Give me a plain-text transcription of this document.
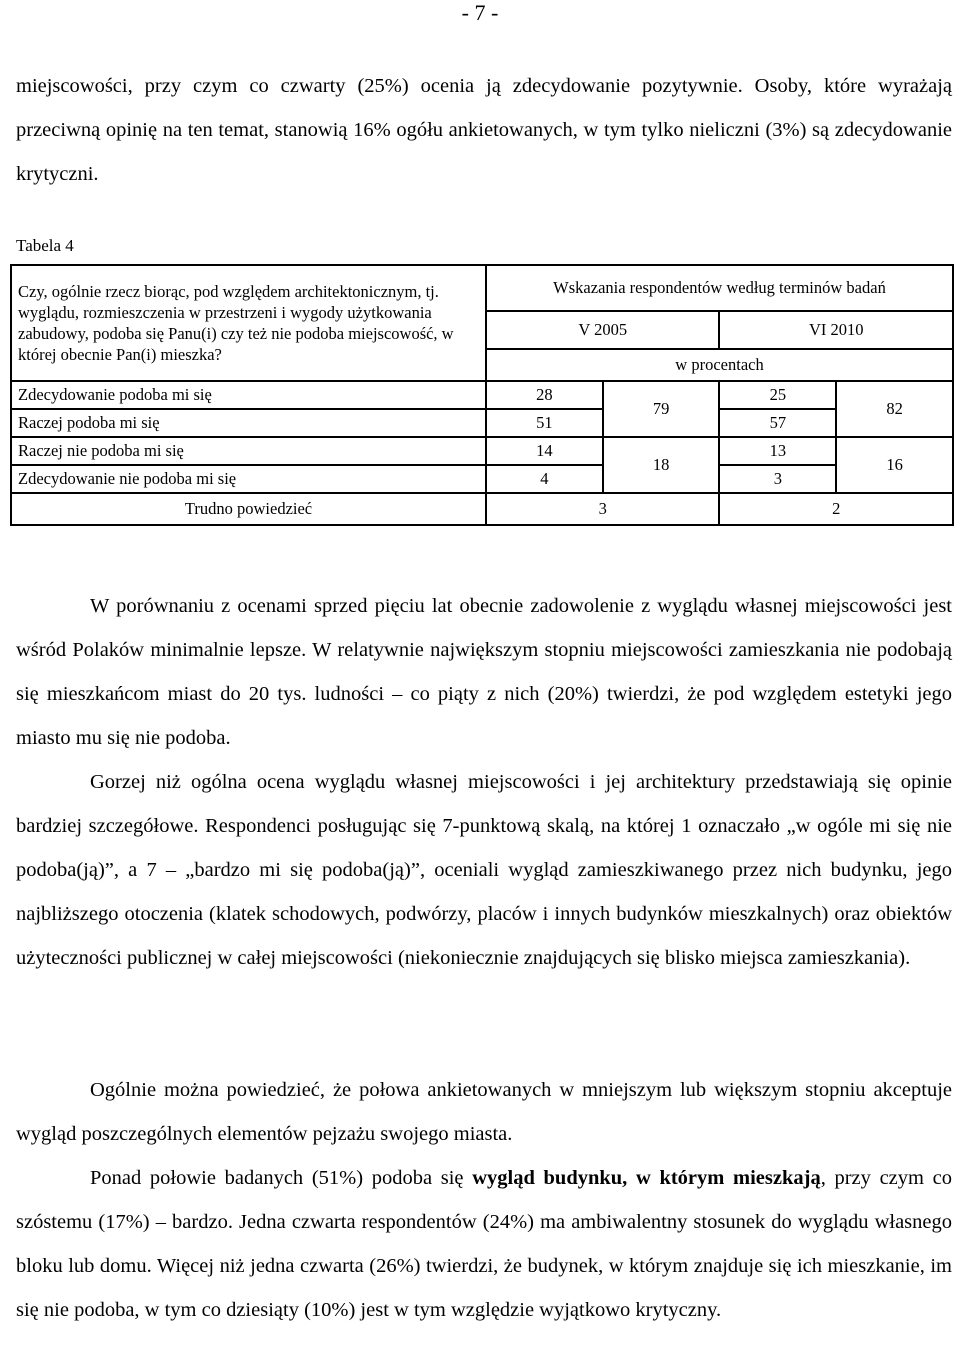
- 7 -

miejscowości, przy czym co czwarty (25%) ocenia ją zdecydowanie pozytywnie. Osoby, które wyrażają przeciwną opinię na ten temat, stanowią 16% ogółu ankietowanych, w tym tylko nieliczni (3%) są zdecydowanie krytyczni.

Tabela 4
Czy, ogólnie rzecz biorąc, pod względem architektonicznym, tj. wyglądu, rozmieszczenia w przestrzeni i wygody użytkowania zabudowy, podoba się Panu(i) czy też nie podoba miejscowość, w której obecnie Pan(i) mieszka?	Wskazania respondentów według terminów badań			
	V 2005		VI 2010	
	w procentach			
Zdecydowanie podoba mi się	28	79	25	82
Raczej podoba mi się	51		57	
Raczej nie podoba mi się	14	18	13	16
Zdecydowanie nie podoba mi się	4		3	
Trudno powiedzieć	3		2	

W porównaniu z ocenami sprzed pięciu lat obecnie zadowolenie z wyglądu własnej miejscowości jest wśród Polaków minimalnie lepsze. W relatywnie największym stopniu miejscowości zamieszkania nie podobają się mieszkańcom miast do 20 tys. ludności – co piąty z nich (20%) twierdzi, że pod względem estetyki jego miasto mu się nie podoba.

Gorzej niż ogólna ocena wyglądu własnej miejscowości i jej architektury przedstawiają się opinie bardziej szczegółowe. Respondenci posługując się 7-punktową skalą, na której 1 oznaczało „w ogóle mi się nie podoba(ją)”, a 7 – „bardzo mi się podoba(ją)”, oceniali wygląd zamieszkiwanego przez nich budynku, jego najbliższego otoczenia (klatek schodowych, podwórzy, placów i innych budynków mieszkalnych) oraz obiektów użyteczności publicznej w całej miejscowości (niekoniecznie znajdujących się blisko miejsca zamieszkania).

Ogólnie można powiedzieć, że połowa ankietowanych w mniejszym lub większym stopniu akceptuje wygląd poszczególnych elementów pejzażu swojego miasta.

Ponad połowie badanych (51%) podoba się wygląd budynku, w którym mieszkają, przy czym co szóstemu (17%) – bardzo. Jedna czwarta respondentów (24%) ma ambiwalentny stosunek do wyglądu własnego bloku lub domu. Więcej niż jedna czwarta (26%) twierdzi, że budynek, w którym znajduje się ich mieszkanie, im się nie podoba, w tym co dziesiąty (10%) jest w tym względzie wyjątkowo krytyczny.
